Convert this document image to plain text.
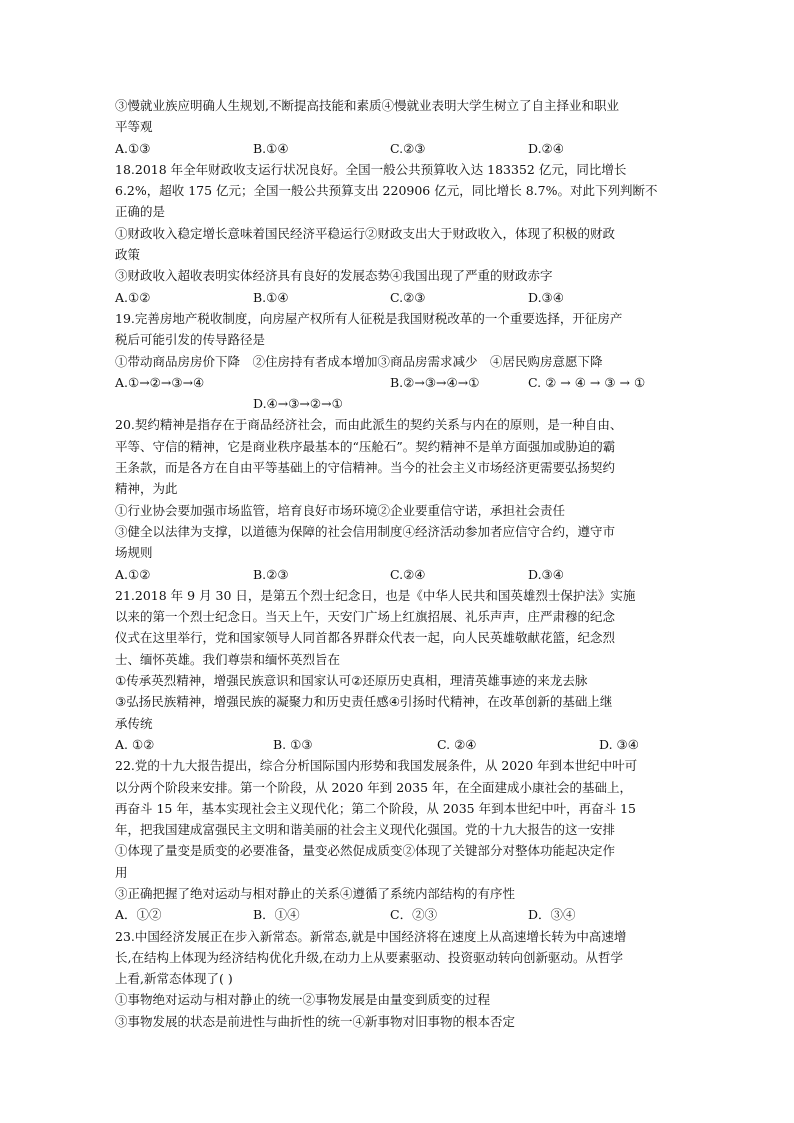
③慢就业族应明确人生规划,不断提高技能和素质④慢就业表明大学生树立了自主择业和职业
平等观
A.①③	B.①④	C.②③	D.②④
18.2018 年全年财政收支运行状况良好。全国一般公共预算收入达 183352 亿元，同比增长
6.2%，超收 175 亿元；全国一般公共预算支出 220906 亿元，同比增长 8.7%。对此下列判断不
正确的是
①财政收入稳定增长意味着国民经济平稳运行②财政支出大于财政收入，体现了积极的财政
政策
③财政收入超收表明实体经济具有良好的发展态势④我国出现了严重的财政赤字
A.①②	B.①④	C.②③	D.③④
19.完善房地产税收制度，向房屋产权所有人征税是我国财税改革的一个重要选择，开征房产
税后可能引发的传导路径是
①带动商品房房价下降　②住房持有者成本增加③商品房需求减少　④居民购房意愿下降
A.①→②→③→④	B.②→③→④→①	C. ② → ④ → ③ → ①
D.④→③→②→①
20.契约精神是指存在于商品经济社会，而由此派生的契约关系与内在的原则，是一种自由、
平等、守信的精神，它是商业秩序最基本的“压舱石”。契约精神不是单方面强加或胁迫的霸
王条款，而是各方在自由平等基础上的守信精神。当今的社会主义市场经济更需要弘扬契约
精神，为此
①行业协会要加强市场监管，培育良好市场环境②企业要重信守诺，承担社会责任
③健全以法律为支撑，以道德为保障的社会信用制度④经济活动参加者应信守合约，遵守市
场规则
A.①②	B.②③	C.②④	D.③④
21.2018 年 9 月 30 日，是第五个烈士纪念日，也是《中华人民共和国英雄烈士保护法》实施
以来的第一个烈士纪念日。当天上午，天安门广场上红旗招展、礼乐声声，庄严肃穆的纪念
仪式在这里举行，党和国家领导人同首都各界群众代表一起，向人民英雄敬献花篮，纪念烈
士、缅怀英雄。我们尊崇和缅怀英烈旨在
①传承英烈精神，增强民族意识和国家认可②还原历史真相，理清英雄事迹的来龙去脉
③弘扬民族精神，增强民族的凝聚力和历史责任感④引扬时代精神，在改革创新的基础上继
承传统
A. ①②	B. ①③	C. ②④	D. ③④
22.党的十九大报告提出，综合分析国际国内形势和我国发展条件，从 2020 年到本世纪中叶可
以分两个阶段来安排。第一个阶段，从 2020 年到 2035 年，在全面建成小康社会的基础上，
再奋斗 15 年，基本实现社会主义现代化；第二个阶段，从 2035 年到本世纪中叶，再奋斗 15
年，把我国建成富强民主文明和谐美丽的社会主义现代化强国。党的十九大报告的这一安排
①体现了量变是质变的必要准备，量变必然促成质变②体现了关键部分对整体功能起决定作
用
③正确把握了绝对运动与相对静止的关系④遵循了系统内部结构的有序性
A．①②	B．①④	C．②③	D．③④
23.中国经济发展正在步入新常态。新常态,就是中国经济将在速度上从高速增长转为中高速增
长,在结构上体现为经济结构优化升级,在动力上从要素驱动、投资驱动转向创新驱动。从哲学
上看,新常态体现了( )
①事物绝对运动与相对静止的统一②事物发展是由量变到质变的过程
③事物发展的状态是前进性与曲折性的统一④新事物对旧事物的根本否定
